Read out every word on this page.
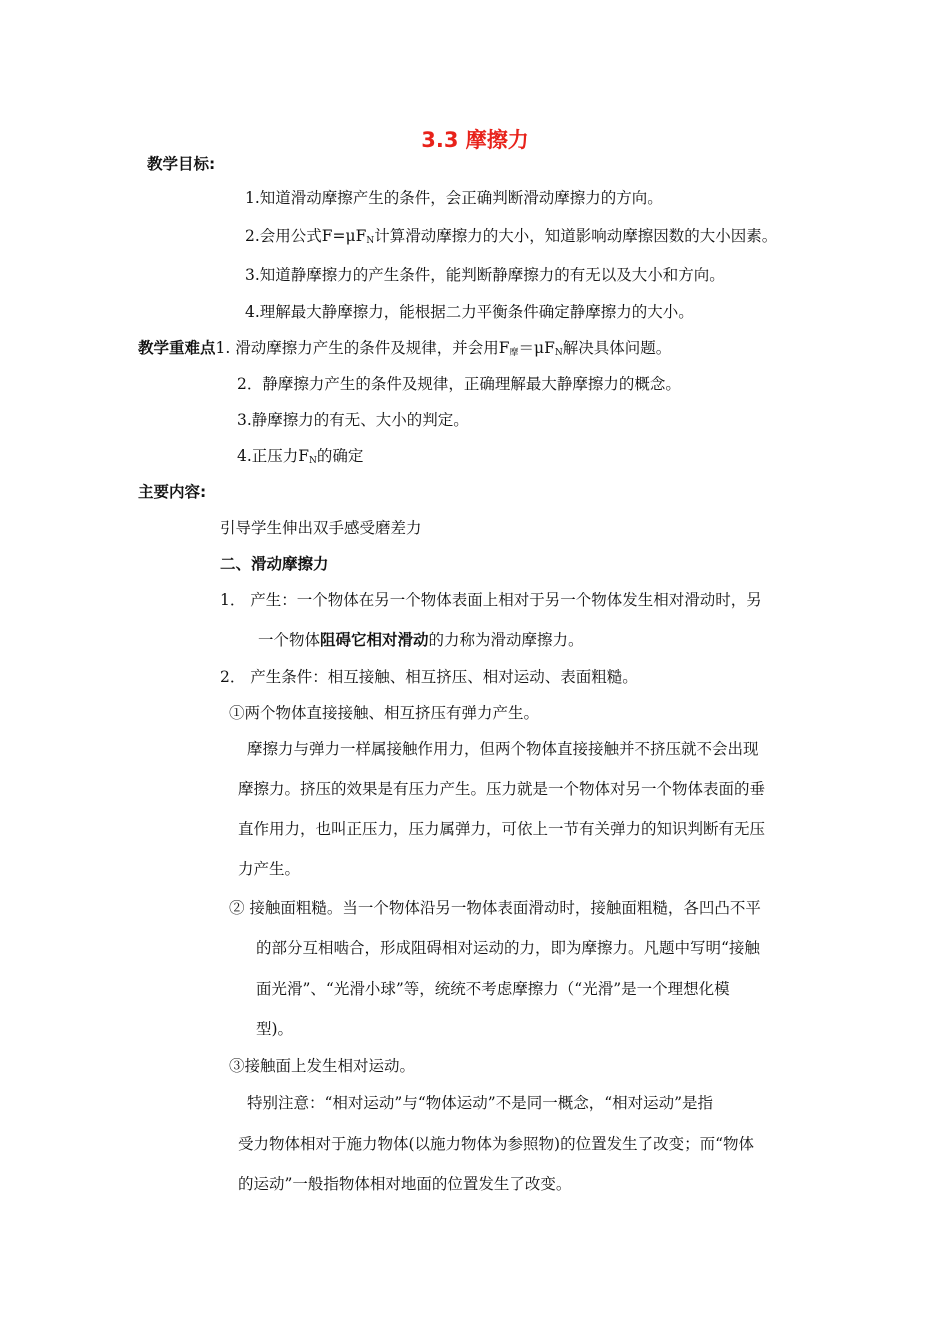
3.3 摩擦力
教学目标:
1.知道滑动摩擦产生的条件，会正确判断滑动摩擦力的方向。
2.会用公式$F=\mu F_N$计算滑动摩擦力的大小，知道影响动摩擦因数的大小因素。
3.知道静摩擦力的产生条件，能判断静摩擦力的有无以及大小和方向。
4.理解最大静摩擦力，能根据二力平衡条件确定静摩擦力的大小。
教学重难点1. 滑动摩擦力产生的条件及规律，并会用$F_摩=\mu F_N$解决具体问题。
2．静摩擦力产生的条件及规律，正确理解最大静摩擦力的概念。
3.静摩擦力的有无、大小的判定。
4.正压力$F_N$的确定
主要内容:
引导学生伸出双手感受磨差力
二、滑动摩擦力
1． 产生：一个物体在另一个物体表面上相对于另一个物体发生相对滑动时，另
一个物体阻碍它相对滑动的力称为滑动摩擦力。
2． 产生条件：相互接触、相互挤压、相对运动、表面粗糙。
①两个物体直接接触、相互挤压有弹力产生。
摩擦力与弹力一样属接触作用力，但两个物体直接接触并不挤压就不会出现
摩擦力。挤压的效果是有压力产生。压力就是一个物体对另一个物体表面的垂
直作用力，也叫正压力，压力属弹力，可依上一节有关弹力的知识判断有无压
力产生。
② 接触面粗糙。当一个物体沿另一物体表面滑动时，接触面粗糙，各凹凸不平
的部分互相啮合，形成阻碍相对运动的力，即为摩擦力。凡题中写明“接触
面光滑”、“光滑小球”等，统统不考虑摩擦力（“光滑”是一个理想化模
型)。
③接触面上发生相对运动。
特别注意：“相对运动”与“物体运动”不是同一概念，“相对运动”是指
受力物体相对于施力物体(以施力物体为参照物)的位置发生了改变；而“物体
的运动”一般指物体相对地面的位置发生了改变。
